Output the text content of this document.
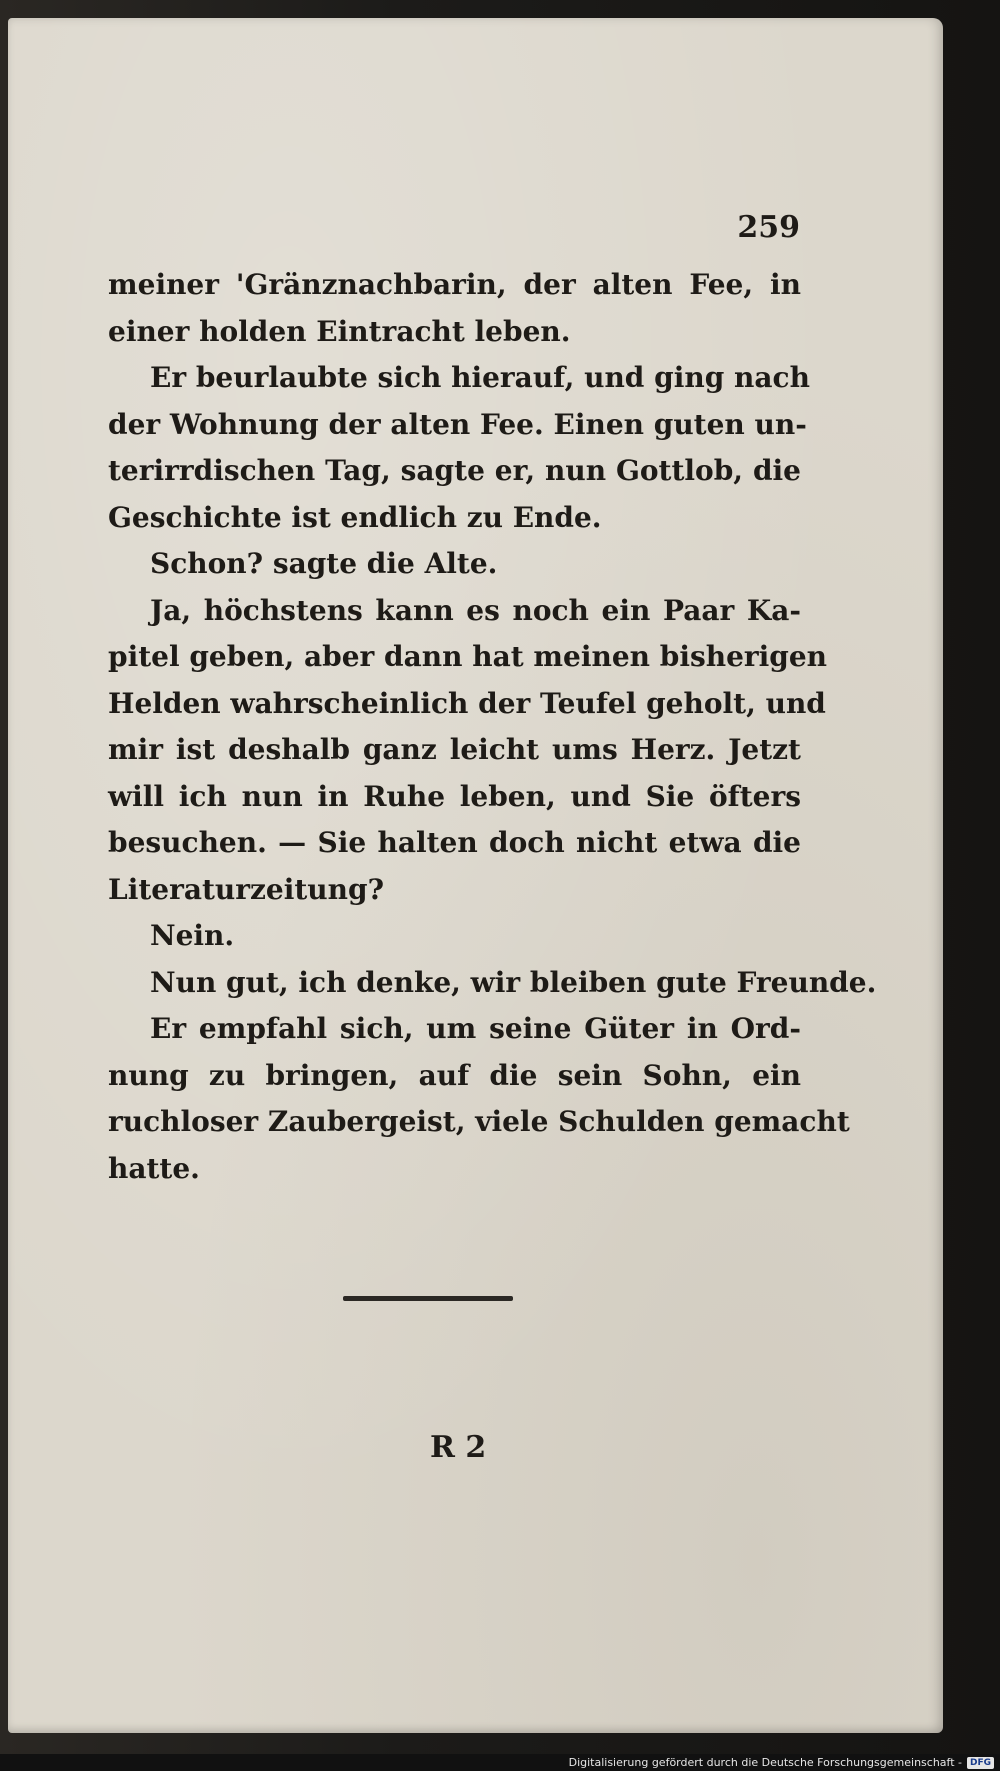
259
meiner 'Gränznachbarin, der alten Fee, in
einer holden Eintracht leben.
Er beurlaubte sich hierauf, und ging nach
der Wohnung der alten Fee. Einen guten un-
terirrdischen Tag, sagte er, nun Gottlob, die
Geschichte ist endlich zu Ende.
Schon? sagte die Alte.
Ja, höchstens kann es noch ein Paar Ka-
pitel geben, aber dann hat meinen bisherigen
Helden wahrscheinlich der Teufel geholt, und
mir ist deshalb ganz leicht ums Herz. Jetzt
will ich nun in Ruhe leben, und Sie öfters
besuchen. — Sie halten doch nicht etwa die
Literaturzeitung?
Nein.
Nun gut, ich denke, wir bleiben gute Freunde.
Er empfahl sich, um seine Güter in Ord-
nung zu bringen, auf die sein Sohn, ein
ruchloser Zaubergeist, viele Schulden gemacht
hatte.
R 2
Digitalisierung gefördert durch die Deutsche Forschungsgemeinschaft - DFG
